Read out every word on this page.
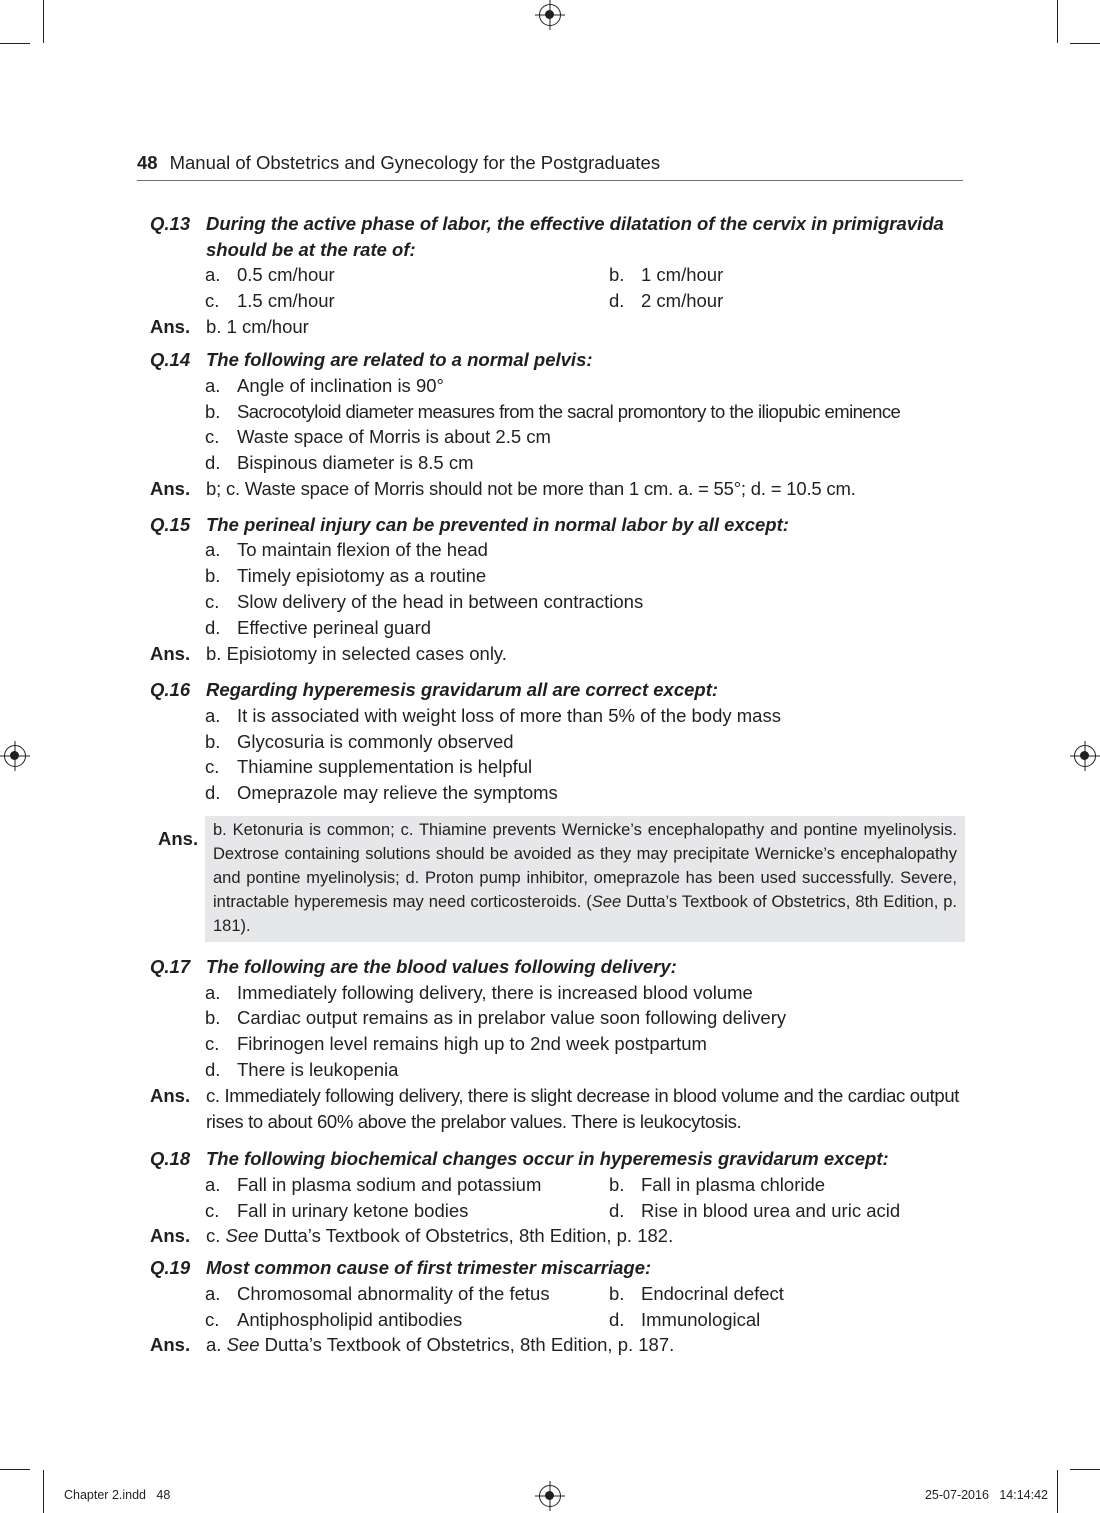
48 Manual of Obstetrics and Gynecology for the Postgraduates
Q.13 During the active phase of labor, the effective dilatation of the cervix in primigravida should be at the rate of:
a. 0.5 cm/hour	b. 1 cm/hour
c. 1.5 cm/hour	d. 2 cm/hour
Ans. b. 1 cm/hour
Q.14 The following are related to a normal pelvis:
a. Angle of inclination is 90°
b. Sacrocotyloid diameter measures from the sacral promontory to the iliopubic eminence
c. Waste space of Morris is about 2.5 cm
d. Bispinous diameter is 8.5 cm
Ans. b; c. Waste space of Morris should not be more than 1 cm. a. = 55°; d. = 10.5 cm.
Q.15 The perineal injury can be prevented in normal labor by all except:
a. To maintain flexion of the head
b. Timely episiotomy as a routine
c. Slow delivery of the head in between contractions
d. Effective perineal guard
Ans. b. Episiotomy in selected cases only.
Q.16 Regarding hyperemesis gravidarum all are correct except:
a. It is associated with weight loss of more than 5% of the body mass
b. Glycosuria is commonly observed
c. Thiamine supplementation is helpful
d. Omeprazole may relieve the symptoms
Ans. b. Ketonuria is common; c. Thiamine prevents Wernicke’s encephalopathy and pontine myelinolysis. Dextrose containing solutions should be avoided as they may precipitate Wernicke’s encephalopathy and pontine myelinolysis; d. Proton pump inhibitor, omeprazole has been used successfully. Severe, intractable hyperemesis may need corticosteroids. (See Dutta’s Textbook of Obstetrics, 8th Edition, p. 181).
Q.17 The following are the blood values following delivery:
a. Immediately following delivery, there is increased blood volume
b. Cardiac output remains as in prelabor value soon following delivery
c. Fibrinogen level remains high up to 2nd week postpartum
d. There is leukopenia
Ans. c. Immediately following delivery, there is slight decrease in blood volume and the cardiac output rises to about 60% above the prelabor values. There is leukocytosis.
Q.18 The following biochemical changes occur in hyperemesis gravidarum except:
a. Fall in plasma sodium and potassium	b. Fall in plasma chloride
c. Fall in urinary ketone bodies	d. Rise in blood urea and uric acid
Ans. c. See Dutta’s Textbook of Obstetrics, 8th Edition, p. 182.
Q.19 Most common cause of first trimester miscarriage:
a. Chromosomal abnormality of the fetus	b. Endocrinal defect
c. Antiphospholipid antibodies	d. Immunological
Ans. a. See Dutta’s Textbook of Obstetrics, 8th Edition, p. 187.
Chapter 2.indd   48	25-07-2016   14:14:42
